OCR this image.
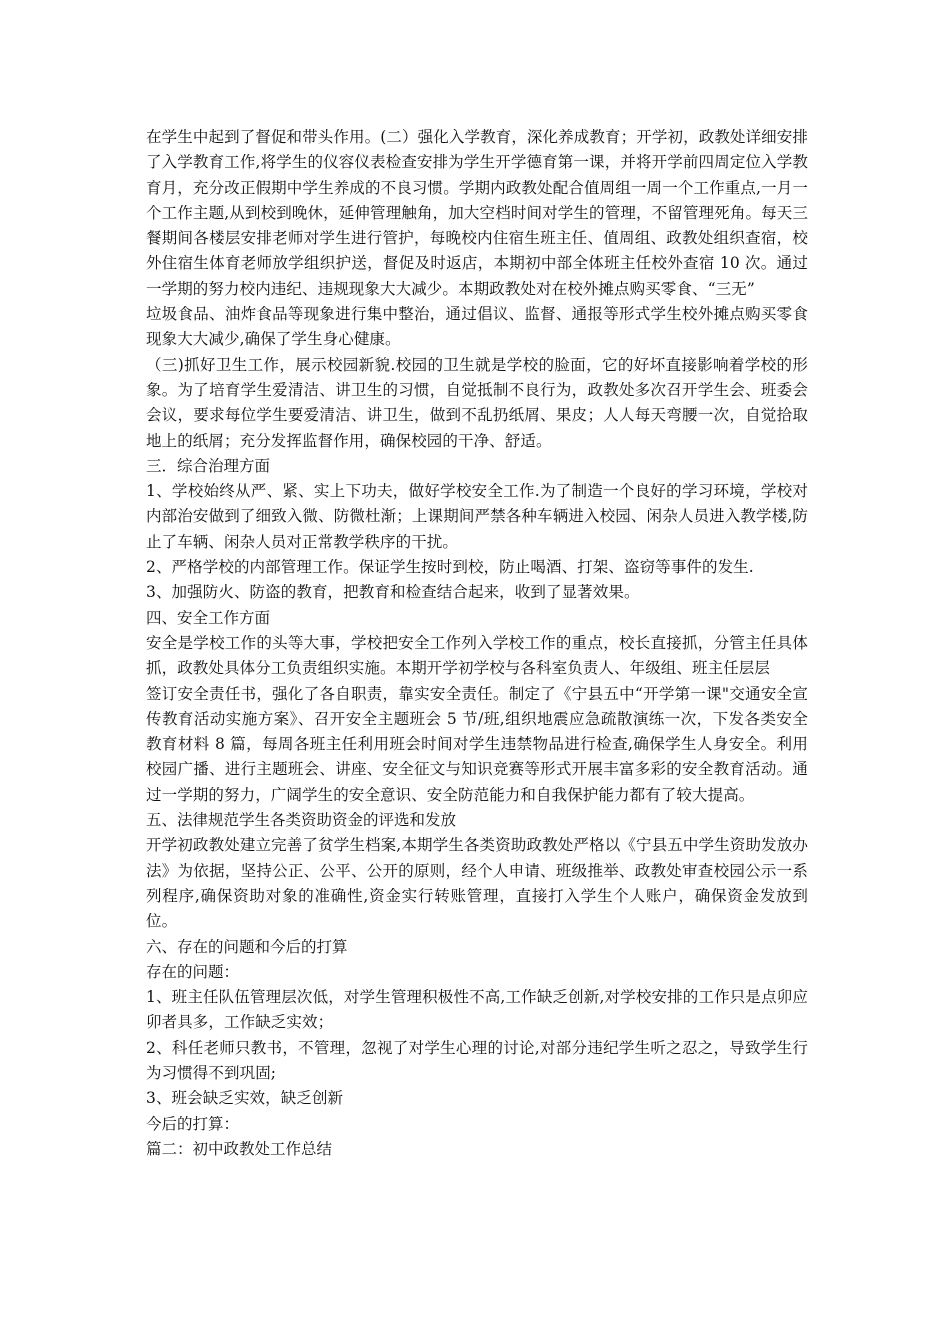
在学生中起到了督促和带头作用。(二）强化入学教育，深化养成教育；开学初，政教处详细安排了入学教育工作,将学生的仪容仪表检查安排为学生开学德育第一课，并将开学前四周定位入学教育月，充分改正假期中学生养成的不良习惯。学期内政教处配合值周组一周一个工作重点,一月一个工作主题,从到校到晚休，延伸管理触角，加大空档时间对学生的管理，不留管理死角。每天三餐期间各楼层安排老师对学生进行管护，每晚校内住宿生班主任、值周组、政教处组织查宿，校外住宿生体育老师放学组织护送，督促及时返店，本期初中部全体班主任校外查宿 10 次。通过一学期的努力校内违纪、违规现象大大减少。本期政教处对在校外摊点购买零食、“三无”

垃圾食品、油炸食品等现象进行集中整治，通过倡议、监督、通报等形式学生校外摊点购买零食现象大大减少,确保了学生身心健康。

（三)抓好卫生工作，展示校园新貌.校园的卫生就是学校的脸面，它的好坏直接影响着学校的形象。为了培育学生爱清洁、讲卫生的习惯，自觉抵制不良行为，政教处多次召开学生会、班委会会议，要求每位学生要爱清洁、讲卫生，做到不乱扔纸屑、果皮；人人每天弯腰一次，自觉拾取地上的纸屑；充分发挥监督作用，确保校园的干净、舒适。

三．综合治理方面

1、学校始终从严、紧、实上下功夫，做好学校安全工作.为了制造一个良好的学习环境，学校对内部治安做到了细致入微、防微杜渐；上课期间严禁各种车辆进入校园、闲杂人员进入教学楼,防止了车辆、闲杂人员对正常教学秩序的干扰。

2、严格学校的内部管理工作。保证学生按时到校，防止喝酒、打架、盗窃等事件的发生.

3、加强防火、防盗的教育，把教育和检查结合起来，收到了显著效果。

四、安全工作方面

安全是学校工作的头等大事，学校把安全工作列入学校工作的重点，校长直接抓，分管主任具体抓，政教处具体分工负责组织实施。本期开学初学校与各科室负责人、年级组、班主任层层

签订安全责任书，强化了各自职责，靠实安全责任。制定了《宁县五中“开学第一课"交通安全宣传教育活动实施方案》、召开安全主题班会 5 节/班,组织地震应急疏散演练一次，下发各类安全教育材料 8 篇，每周各班主任利用班会时间对学生违禁物品进行检查,确保学生人身安全。利用校园广播、进行主题班会、讲座、安全征文与知识竞赛等形式开展丰富多彩的安全教育活动。通过一学期的努力，广阔学生的安全意识、安全防范能力和自我保护能力都有了较大提高。

五、法律规范学生各类资助资金的评选和发放

开学初政教处建立完善了贫学生档案,本期学生各类资助政教处严格以《宁县五中学生资助发放办法》为依据，坚持公正、公平、公开的原则，经个人申请、班级推举、政教处审查校园公示一系列程序,确保资助对象的准确性,资金实行转账管理，直接打入学生个人账户，确保资金发放到位。

六、存在的问题和今后的打算

存在的问题：

1、班主任队伍管理层次低，对学生管理积极性不高,工作缺乏创新,对学校安排的工作只是点卯应卯者具多，工作缺乏实效；

2、科任老师只教书，不管理，忽视了对学生心理的讨论,对部分违纪学生听之忍之，导致学生行为习惯得不到巩固;

3、班会缺乏实效，缺乏创新

今后的打算：

篇二：初中政教处工作总结
